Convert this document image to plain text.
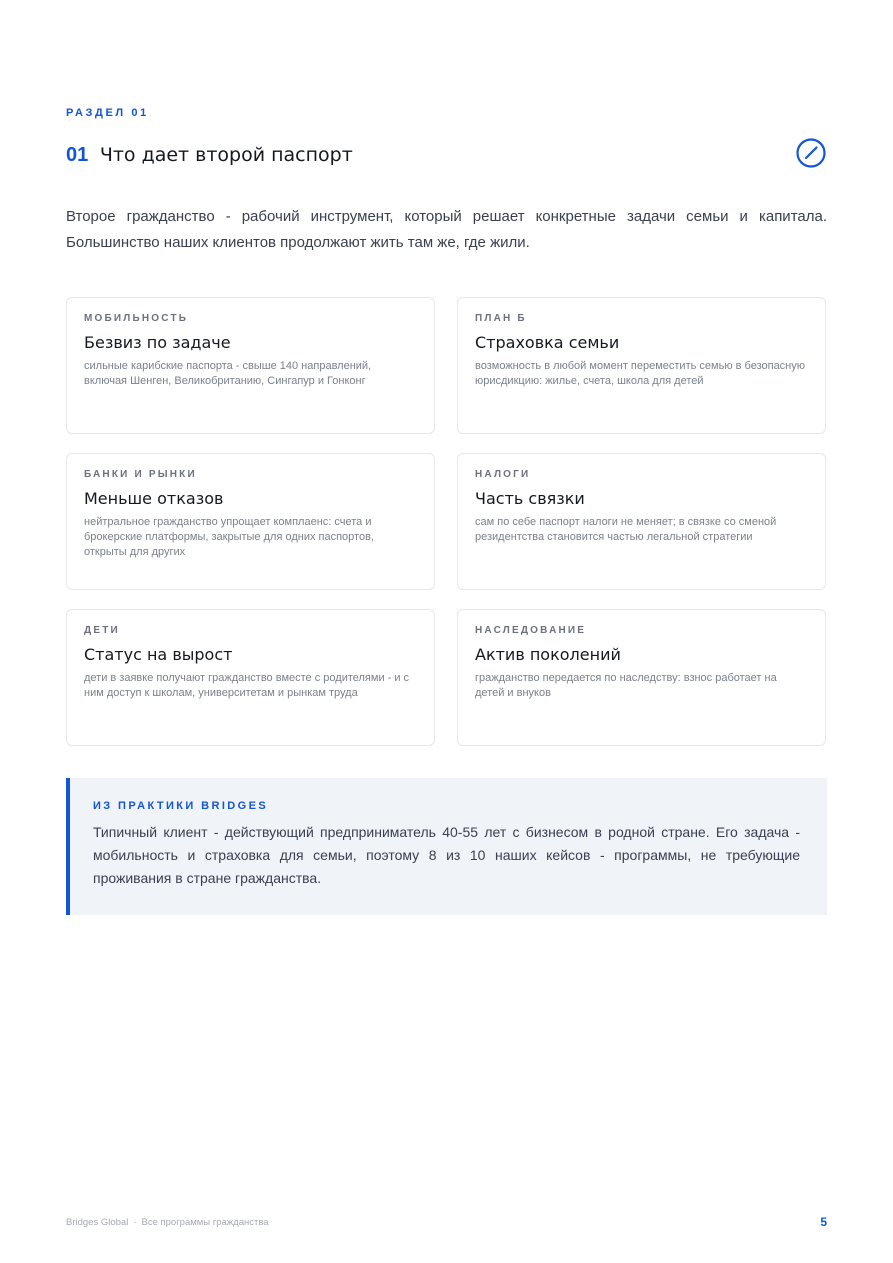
РАЗДЕЛ 01
01 Что дает второй паспорт

Второе гражданство - рабочий инструмент, который решает конкретные задачи семьи и капитала. Большинство наших клиентов продолжают жить там же, где жили.

МОБИЛЬНОСТЬ

Безвиз по задаче

сильные карибские паспорта - свыше 140 направлений, включая Шенген, Великобританию, Сингапур и Гонконг

ПЛАН Б

Страховка семьи

возможность в любой момент переместить семью в безопасную юрисдикцию: жилье, счета, школа для детей

БАНКИ И РЫНКИ

Меньше отказов

нейтральное гражданство упрощает комплаенс: счета и брокерские платформы, закрытые для одних паспортов, открыты для других

НАЛОГИ

Часть связки

сам по себе паспорт налоги не меняет; в связке со сменой резидентства становится частью легальной стратегии

ДЕТИ

Статус на вырост

дети в заявке получают гражданство вместе с родителями - и с ним доступ к школам, университетам и рынкам труда

НАСЛЕДОВАНИЕ

Актив поколений

гражданство передается по наследству: взнос работает на детей и внуков

ИЗ ПРАКТИКИ BRIDGES

Типичный клиент - действующий предприниматель 40-55 лет с бизнесом в родной стране. Его задача - мобильность и страховка для семьи, поэтому 8 из 10 наших кейсов - программы, не требующие проживания в стране гражданства.

Bridges Global · Все программы гражданства	5
